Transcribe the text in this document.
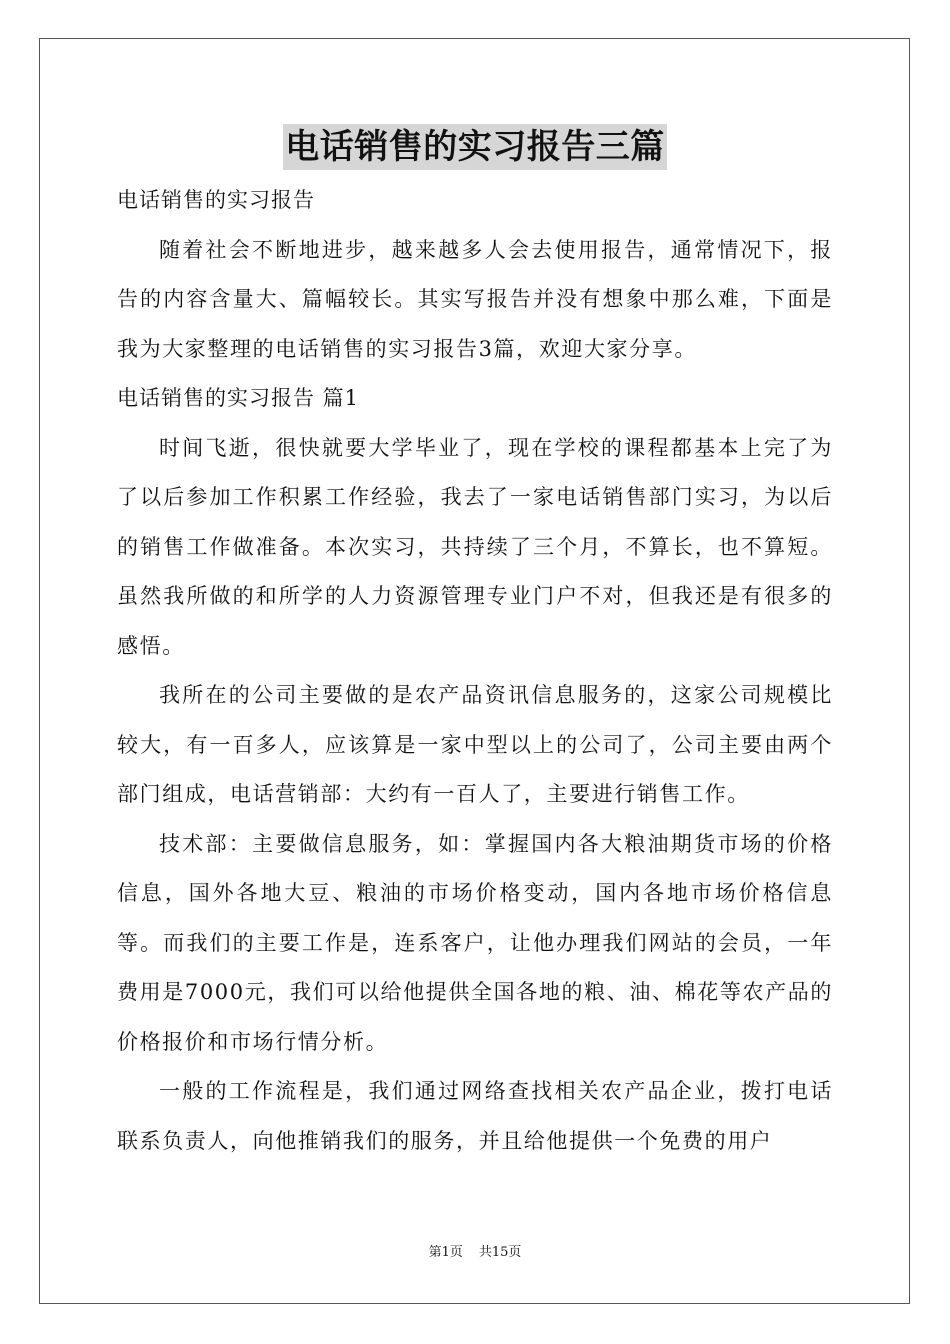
电话销售的实习报告三篇

电话销售的实习报告

随着社会不断地进步，越来越多人会去使用报告，通常情况下，报告的内容含量大、篇幅较长。其实写报告并没有想象中那么难，下面是我为大家整理的电话销售的实习报告3篇，欢迎大家分享。

电话销售的实习报告 篇1

时间飞逝，很快就要大学毕业了，现在学校的课程都基本上完了为了以后参加工作积累工作经验，我去了一家电话销售部门实习，为以后的销售工作做准备。本次实习，共持续了三个月，不算长，也不算短。虽然我所做的和所学的人力资源管理专业门户不对，但我还是有很多的感悟。

我所在的公司主要做的是农产品资讯信息服务的，这家公司规模比较大，有一百多人，应该算是一家中型以上的公司了，公司主要由两个部门组成，电话营销部：大约有一百人了，主要进行销售工作。

技术部：主要做信息服务，如：掌握国内各大粮油期货市场的价格信息，国外各地大豆、粮油的市场价格变动，国内各地市场价格信息等。而我们的主要工作是，连系客户，让他办理我们网站的会员，一年费用是7000元，我们可以给他提供全国各地的粮、油、棉花等农产品的价格报价和市场行情分析。

一般的工作流程是，我们通过网络查找相关农产品企业，拨打电话联系负责人，向他推销我们的服务，并且给他提供一个免费的用户

第1页 共15页
